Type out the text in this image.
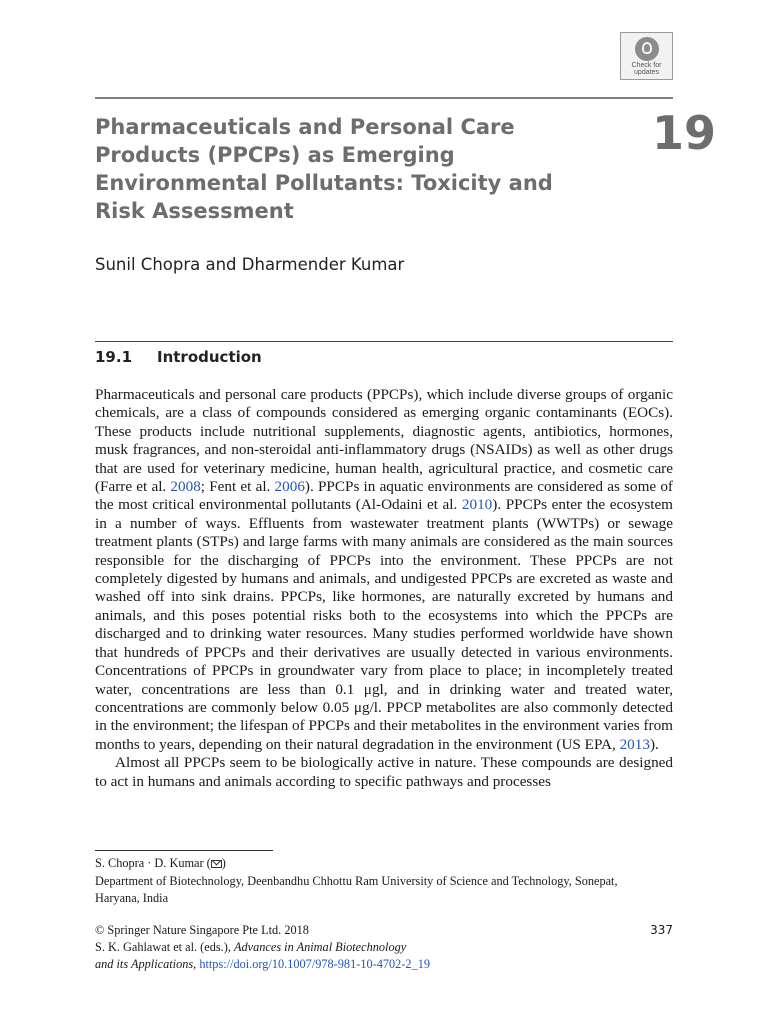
Check for
updates
Pharmaceuticals and Personal Care Products (PPCPs) as Emerging Environmental Pollutants: Toxicity and Risk Assessment
19
Sunil Chopra and Dharmender Kumar
19.1 Introduction

Pharmaceuticals and personal care products (PPCPs), which include diverse groups of organic chemicals, are a class of compounds considered as emerging organic contaminants (EOCs). These products include nutritional supplements, diagnostic agents, antibiotics, hormones, musk fragrances, and non-steroidal anti-inflammatory drugs (NSAIDs) as well as other drugs that are used for veterinary medicine, human health, agricultural practice, and cosmetic care (Farre et al. 2008; Fent et al. 2006). PPCPs in aquatic environments are considered as some of the most critical environmental pollutants (Al-Odaini et al. 2010). PPCPs enter the ecosystem in a number of ways. Effluents from wastewater treatment plants (WWTPs) or sewage treatment plants (STPs) and large farms with many animals are considered as the main sources responsible for the discharging of PPCPs into the environment. These PPCPs are not completely digested by humans and animals, and undigested PPCPs are excreted as waste and washed off into sink drains. PPCPs, like hormones, are naturally excreted by humans and animals, and this poses potential risks both to the ecosystems into which the PPCPs are discharged and to drinking water resources. Many studies performed worldwide have shown that hundreds of PPCPs and their derivatives are usually detected in various environments. Concentrations of PPCPs in groundwater vary from place to place; in incompletely treated water, concentrations are less than 0.1 μgl, and in drinking water and treated water, concentrations are commonly below 0.05 μg/l. PPCP metabolites are also commonly detected in the environment; the lifespan of PPCPs and their metabolites in the environment varies from months to years, depending on their natural degradation in the environment (US EPA, 2013).

Almost all PPCPs seem to be biologically active in nature. These compounds are designed to act in humans and animals according to specific pathways and processes

S. Chopra · D. Kumar ( )
Department of Biotechnology, Deenbandhu Chhottu Ram University of Science and Technology, Sonepat, Haryana, India
© Springer Nature Singapore Pte Ltd. 2018
S. K. Gahlawat et al. (eds.), Advances in Animal Biotechnology
and its Applications, https://doi.org/10.1007/978-981-10-4702-2_19
337
